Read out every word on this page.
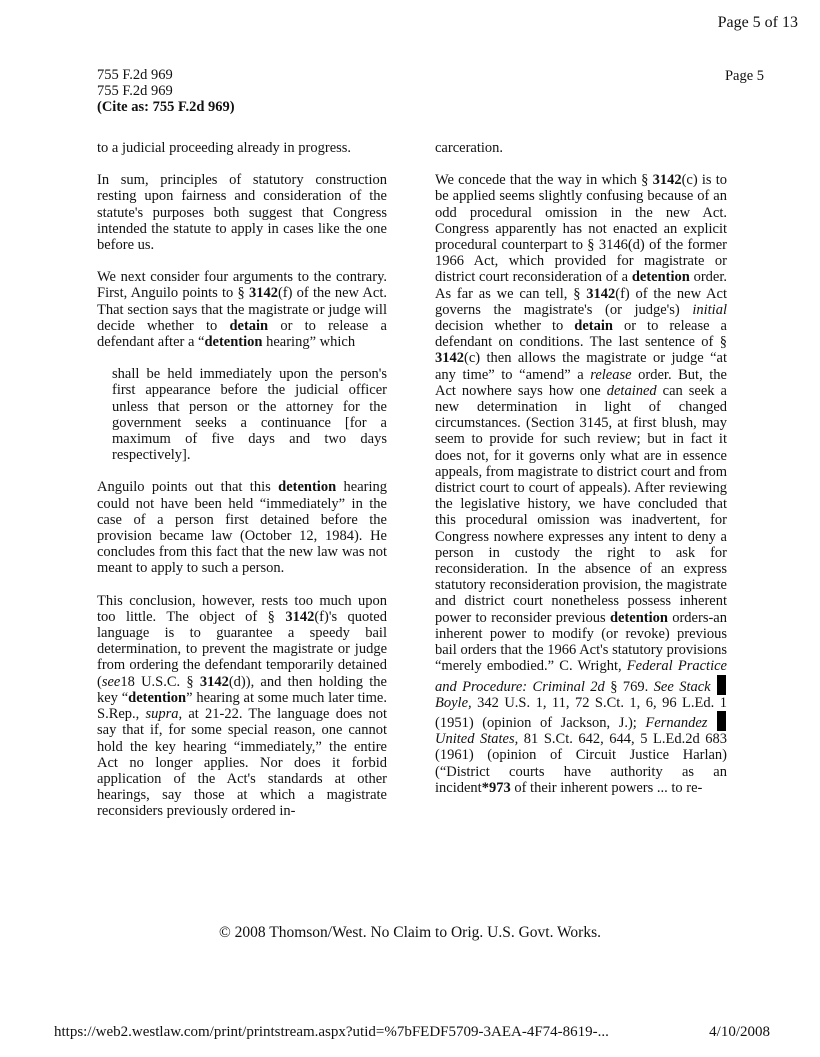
Page 5 of 13
755 F.2d 969
755 F.2d 969
(Cite as: 755 F.2d 969)
Page 5

to a judicial proceeding already in progress.

In sum, principles of statutory construction resting upon fairness and consideration of the statute's purposes both suggest that Congress intended the statute to apply in cases like the one before us.

We next consider four arguments to the contrary. First, Anguilo points to § 3142(f) of the new Act. That section says that the magistrate or judge will decide whether to detain or to release a defendant after a “detention hearing” which

shall be held immediately upon the person's first appearance before the judicial officer unless that person or the attorney for the government seeks a continuance [for a maximum of five days and two days respectively].

Anguilo points out that this detention hearing could not have been held “immediately” in the case of a person first detained before the provision became law (October 12, 1984). He concludes from this fact that the new law was not meant to apply to such a person.

This conclusion, however, rests too much upon too little. The object of § 3142(f)'s quoted language is to guarantee a speedy bail determination, to prevent the magistrate or judge from ordering the defendant temporarily detained (see18 U.S.C. § 3142(d)), and then holding the key “detention” hearing at some much later time. S.Rep., supra, at 21-22. The language does not say that if, for some special reason, one cannot hold the key hearing “immediately,” the entire Act no longer applies. Nor does it forbid application of the Act's standards at other hearings, say those at which a magistrate reconsiders previously ordered in-

carceration.

We concede that the way in which § 3142(c) is to be applied seems slightly confusing because of an odd procedural omission in the new Act. Congress apparently has not enacted an explicit procedural counterpart to § 3146(d) of the former 1966 Act, which provided for magistrate or district court reconsideration of a detention order. As far as we can tell, § 3142(f) of the new Act governs the magistrate's (or judge's) initial decision whether to detain or to release a defendant on conditions. The last sentence of § 3142(c) then allows the magistrate or judge “at any time” to “amend” a release order. But, the Act nowhere says how one detained can seek a new determination in light of changed circumstances. (Section 3145, at first blush, may seem to provide for such review; but in fact it does not, for it governs only what are in essence appeals, from magistrate to district court and from district court to court of appeals). After reviewing the legislative history, we have concluded that this procedural omission was inadvertent, for Congress nowhere expresses any intent to deny a person in custody the right to ask for reconsideration. In the absence of an express statutory reconsideration provision, the magistrate and district court nonetheless possess inherent power to reconsider previous detention orders-an inherent power to modify (or revoke) previous bail orders that the 1966 Act's statutory provisions “merely embodied.” C. Wright, Federal Practice and Procedure: Criminal 2d § 769. See Stack  Boyle, 342 U.S. 1, 11, 72 S.Ct. 1, 6, 96 L.Ed. 1 (1951) (opinion of Jackson, J.); Fernandez  United States, 81 S.Ct. 642, 644, 5 L.Ed.2d 683 (1961) (opinion of Circuit Justice Harlan) (“District courts have authority as an incident*973 of their inherent powers ... to re-

© 2008 Thomson/West. No Claim to Orig. U.S. Govt. Works.
https://web2.westlaw.com/print/printstream.aspx?utid=%7bFEDF5709-3AEA-4F74-8619-...	4/10/2008
